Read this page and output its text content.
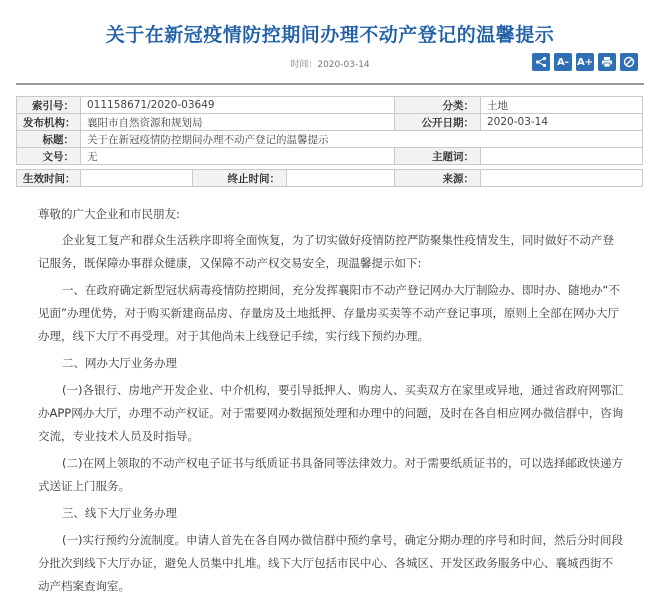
关于在新冠疫情防控期间办理不动产登记的温馨提示
时间：2020-03-14	A- A+
索引号：	011158671/2020-03649	分类：	土地
发布机构：	襄阳市自然资源和规划局	公开日期：	2020-03-14
标题：	关于在新冠疫情防控期间办理不动产登记的温馨提示		
文号：	无	主题词：	
生效时间：		终止时间：		来源：	

尊敬的广大企业和市民朋友:

企业复工复产和群众生活秩序即将全面恢复，为了切实做好疫情防控严防聚集性疫情发生，同时做好不动产登记服务，既保障办事群众健康，又保障不动产权交易安全，现温馨提示如下:

一、在政府确定新型冠状病毒疫情防控期间，充分发挥襄阳市不动产登记网办大厅制险办、即时办、随地办“不见面”办理优势，对于购买新建商品房、存量房及土地抵押、存量房买卖等不动产登记事项，原则上全部在网办大厅办理，线下大厅不再受理。对于其他尚未上线登记手续，实行线下预约办理。

二、网办大厅业务办理

(一)各银行、房地产开发企业、中介机构，要引导抵押人、购房人、买卖双方在家里或异地，通过省政府网鄂汇办APP网办大厅，办理不动产权证。对于需要网办数据预处理和办理中的问题，及时在各自相应网办微信群中，咨询交流，专业技术人员及时指导。

(二)在网上领取的不动产权电子证书与纸质证书具备同等法律效力。对于需要纸质证书的，可以选择邮政快递方式送证上门服务。

三、线下大厅业务办理

(一)实行预约分流制度。申请人首先在各自网办微信群中预约拿号，确定分期办理的序号和时间，然后分时间段分批次到线下大厅办证，避免人员集中扎堆。线下大厅包括市民中心、各城区、开发区政务服务中心、襄城西街不动产档案查询室。
